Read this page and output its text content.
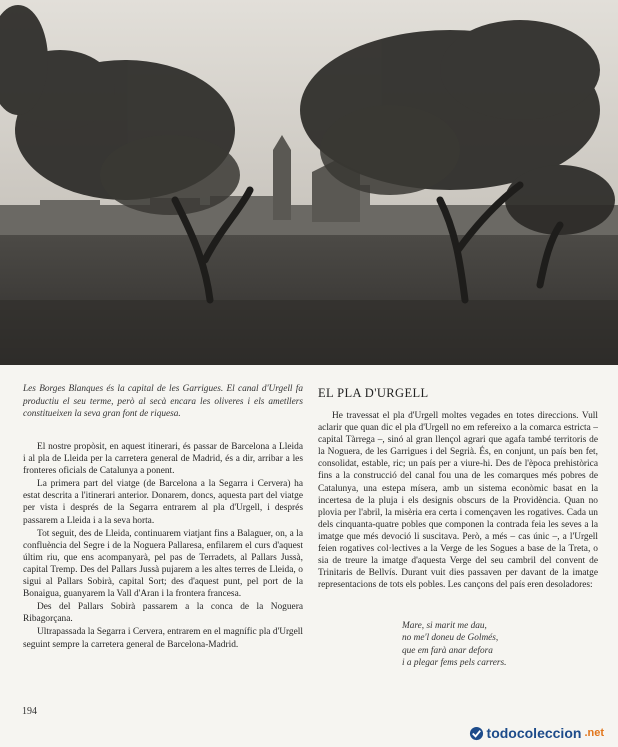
Les Borges Blanques és la capital de les Garrigues. El canal d'Urgell fa productiu el seu terme, però al secà encara les oliveres i els ametllers constitueixen la seva gran font de riquesa.

El nostre propòsit, en aquest itinerari, és passar de Barcelona a Lleida i al pla de Lleida per la carretera general de Madrid, és a dir, arribar a les fronteres oficials de Catalunya a ponent.

La primera part del viatge (de Barcelona a la Segarra i Cervera) ha estat descrita a l'itinerari anterior. Donarem, doncs, aquesta part del viatge per vista i després de la Segarra entrarem al pla d'Urgell, i després passarem a Lleida i a la seva horta.

Tot seguit, des de Lleida, continuarem viatjant fins a Balaguer, on, a la confluència del Segre i de la Noguera Pallaresa, enfilarem el curs d'aquest últim riu, que ens acompanyarà, pel pas de Terradets, al Pallars Jussà, capital Tremp. Des del Pallars Jussà pujarem a les altes terres de Lleida, o sigui al Pallars Sobirà, capital Sort; des d'aquest punt, pel port de la Bonaigua, guanyarem la Vall d'Aran i la frontera francesa.

Des del Pallars Sobirà passarem a la conca de la Noguera Ribagorçana.

Ultrapassada la Segarra i Cervera, entrarem en el magnífic pla d'Urgell seguint sempre la carretera general de Barcelona-Madrid.

EL PLA D'URGELL

He travessat el pla d'Urgell moltes vegades en totes direccions. Vull aclarir que quan dic el pla d'Urgell no em refereixo a la comarca estricta – capital Tàrrega –, sinó al gran llençol agrari que agafa també territoris de la Noguera, de les Garrigues i del Segrià. És, en conjunt, un país ben fet, consolidat, estable, ric; un país per a viure-hi. Des de l'època prehistòrica fins a la construcció del canal fou una de les comarques més pobres de Catalunya, una estepa mísera, amb un sistema econòmic basat en la incertesa de la pluja i els designis obscurs de la Providència. Quan no plovia per l'abril, la misèria era certa i començaven les rogatives. Cada un dels cinquanta-quatre pobles que componen la contrada feia les seves a la imatge que més devoció li suscitava. Però, a més – cas únic –, a l'Urgell feien rogatives col·lectives a la Verge de les Sogues a base de la Treta, o sia de treure la imatge d'aquesta Verge del seu cambril del convent de Trinitaris de Bellvís. Durant vuit dies passaven per davant de la imatge representacions de tots els pobles. Les cançons del país eren desoladores:

Mare, si marit me dau,
no me'l doneu de Golmés,
que em farà anar defora
i a plegar fems pels carrers.
194
todocoleccion .net
